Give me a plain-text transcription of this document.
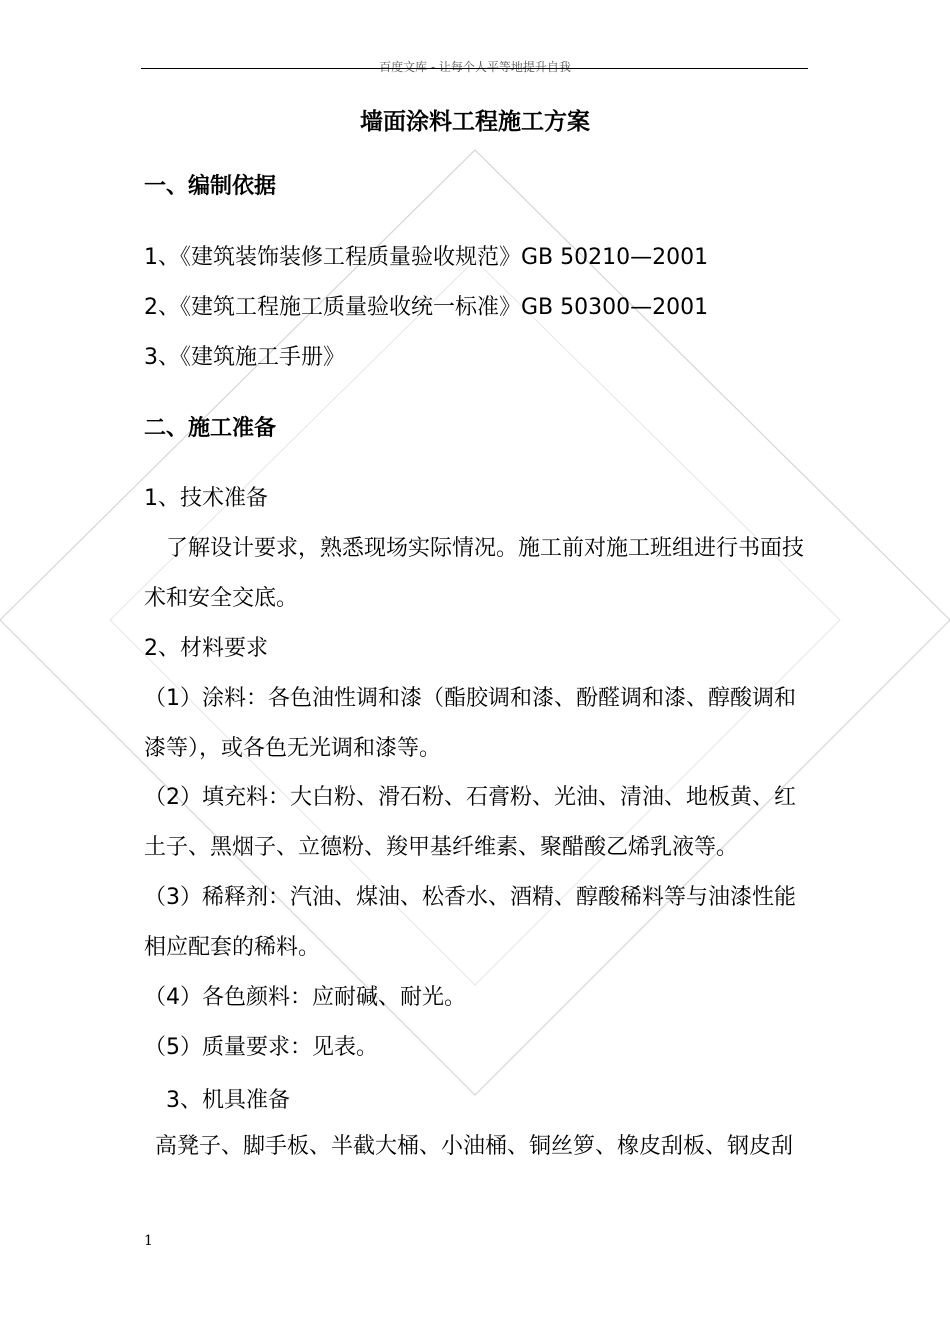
百度文库 - 让每个人平等地提升自我
墙面涂料工程施工方案
一、编制依据
1、《建筑装饰装修工程质量验收规范》GB 50210—2001
2、《建筑工程施工质量验收统一标准》GB 50300—2001
3、《建筑施工手册》
二、施工准备
1、技术准备
了解设计要求，熟悉现场实际情况。施工前对施工班组进行书面技
术和安全交底。
2、材料要求
（1）涂料：各色油性调和漆（酯胶调和漆、酚醛调和漆、醇酸调和
漆等），或各色无光调和漆等。
（2）填充料：大白粉、滑石粉、石膏粉、光油、清油、地板黄、红
土子、黑烟子、立德粉、羧甲基纤维素、聚醋酸乙烯乳液等。
（3）稀释剂：汽油、煤油、松香水、酒精、醇酸稀料等与油漆性能
相应配套的稀料。
（4）各色颜料：应耐碱、耐光。
（5）质量要求：见表。
3、机具准备
高凳子、脚手板、半截大桶、小油桶、铜丝箩、橡皮刮板、钢皮刮
1
